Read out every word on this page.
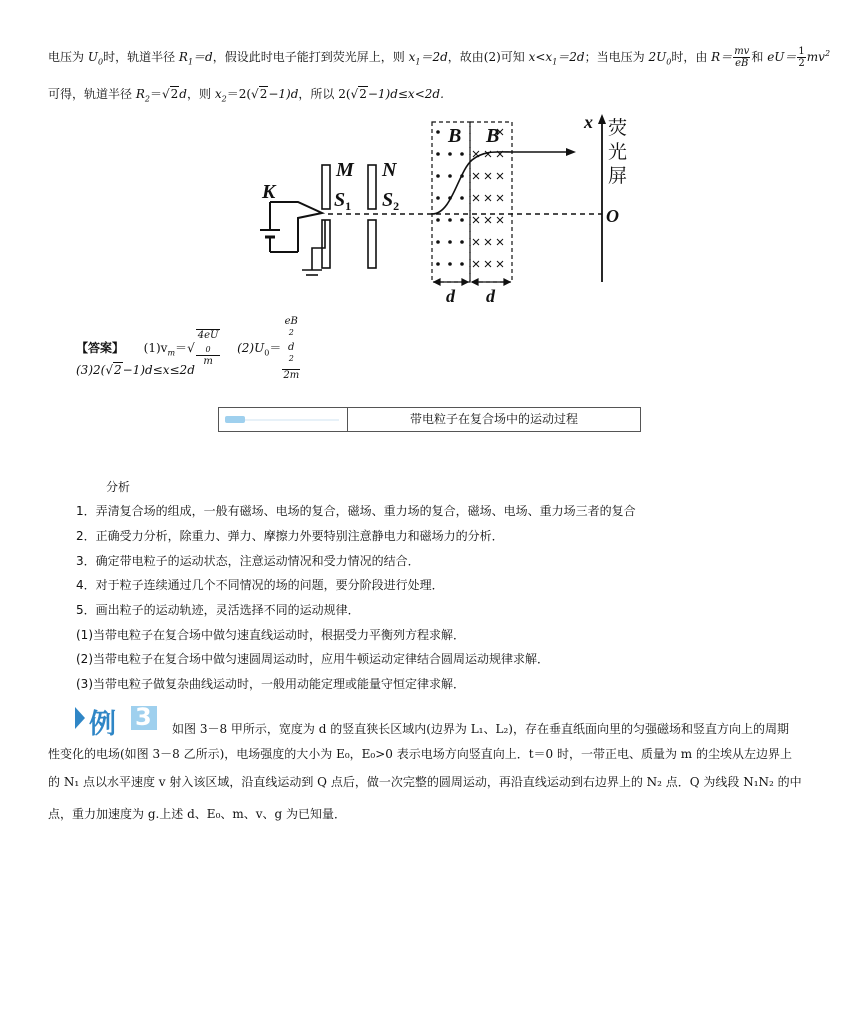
电压为 $U_0$时，轨道半径 $R_1=d$，假设此时电子能打到荧光屏上，则 $x_1=2d$，故由(2)可知 $x<x_1=2d$；当电压为 $2U_0$时，由 $R= \frac{mv}{eB}$ 和 $eU= \frac{1}{2} mv^2$
可得，轨道半径 $R_2=√2d$，则 $x_2=2(√2-1)d$，所以 2(√2−1)d≤x<2d.
K
M
$S_1$
N
$S_2$
B B
x
O
d d
荧
光
屏
【答案】 $(1)v_m=√$ 4eU
$_0$
m $(2)U_0=$ eB
$^2$
d
$^2$
2m
(3)2(√2−1)d≤x≤2d
带电粒子在复合场中的运动过程
分析
1．弄清复合场的组成，一般有磁场、电场的复合，磁场、重力场的复合，磁场、电场、重力场三者的复合
2．正确受力分析，除重力、弹力、摩擦力外要特别注意静电力和磁场力的分析．
3．确定带电粒子的运动状态，注意运动情况和受力情况的结合．
4．对于粒子连续通过几个不同情况的场的问题，要分阶段进行处理．
5．画出粒子的运动轨迹，灵活选择不同的运动规律．
(1)当带电粒子在复合场中做匀速直线运动时，根据受力平衡列方程求解．
(2)当带电粒子在复合场中做匀速圆周运动时，应用牛顿运动定律结合圆周运动规律求解．
(3)当带电粒子做复杂曲线运动时，一般用动能定理或能量守恒定律求解．
例 3 如图 3－8 甲所示，宽度为 d 的竖直狭长区域内(边界为 L₁、L₂)，存在垂直纸面向里的匀强磁场和竖直方向上的周期
性变化的电场(如图 3－8 乙所示)，电场强度的大小为 E₀，E₀>0 表示电场方向竖直向上．t＝0 时，一带正电、质量为 m 的尘埃从左边界上
的 N₁ 点以水平速度 v 射入该区域，沿直线运动到 Q 点后，做一次完整的圆周运动，再沿直线运动到右边界上的 N₂ 点．Q 为线段 N₁N₂ 的中
点，重力加速度为 g.上述 d、E₀、m、v、g 为已知量．
